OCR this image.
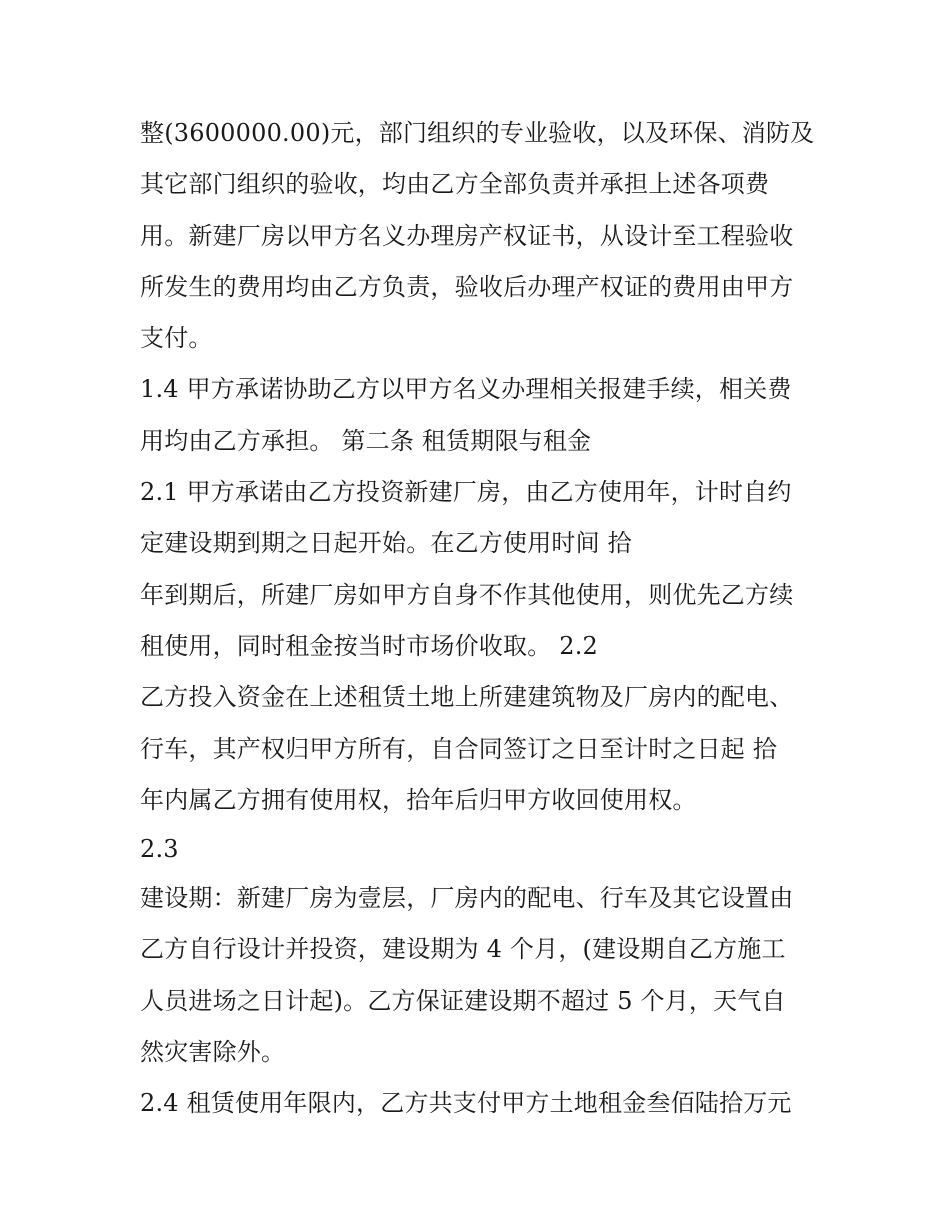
整(3600000.00)元，部门组织的专业验收，以及环保、消防及
其它部门组织的验收，均由乙方全部负责并承担上述各项费
用。新建厂房以甲方名义办理房产权证书，从设计至工程验收
所发生的费用均由乙方负责，验收后办理产权证的费用由甲方
支付。
1.4 甲方承诺协助乙方以甲方名义办理相关报建手续，相关费
用均由乙方承担。 第二条 租赁期限与租金
2.1 甲方承诺由乙方投资新建厂房，由乙方使用年，计时自约
定建设期到期之日起开始。在乙方使用时间 拾
年到期后，所建厂房如甲方自身不作其他使用，则优先乙方续
租使用，同时租金按当时市场价收取。 2.2
乙方投入资金在上述租赁土地上所建建筑物及厂房内的配电、
行车，其产权归甲方所有，自合同签订之日至计时之日起 拾
年内属乙方拥有使用权，拾年后归甲方收回使用权。
2.3
建设期：新建厂房为壹层，厂房内的配电、行车及其它设置由
乙方自行设计并投资，建设期为 4 个月，(建设期自乙方施工
人员进场之日计起)。乙方保证建设期不超过 5 个月，天气自
然灾害除外。
2.4 租赁使用年限内，乙方共支付甲方土地租金叁佰陆拾万元
